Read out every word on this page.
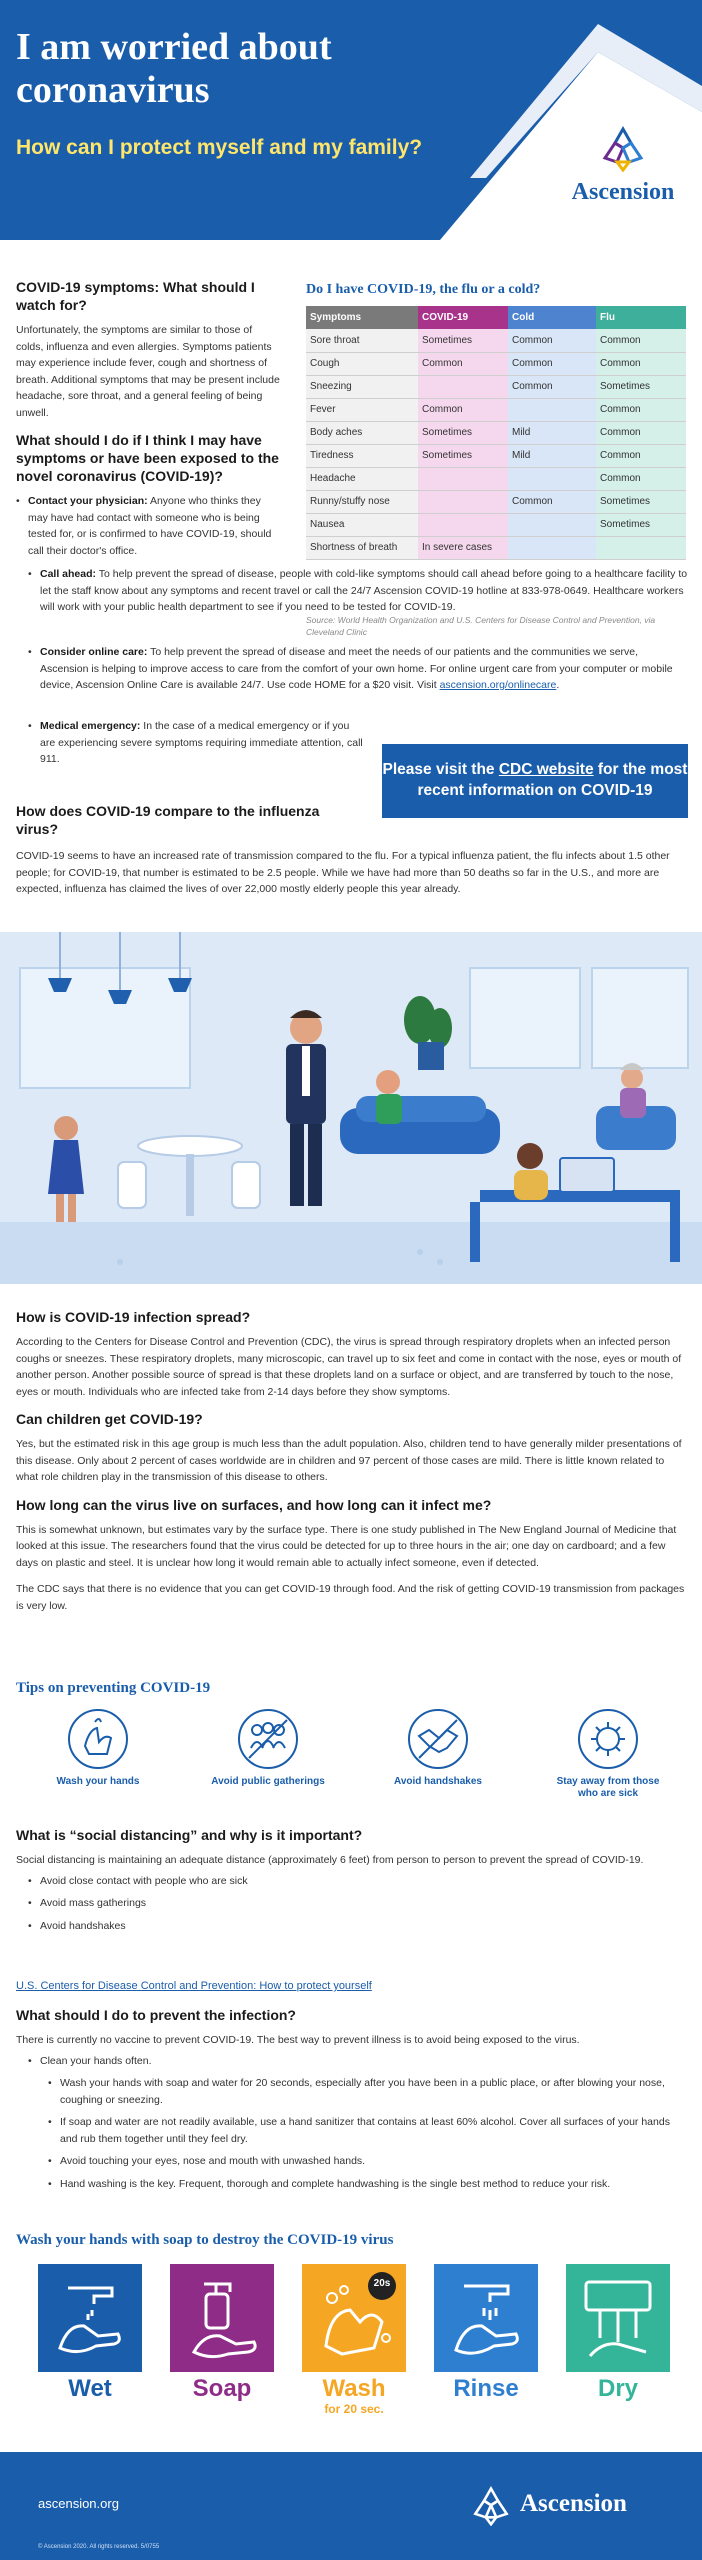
I am worried about coronavirus
How can I protect myself and my family?
Ascension
COVID-19 symptoms: What should I watch for?

Unfortunately, the symptoms are similar to those of colds, influenza and even allergies. Symptoms patients may experience include fever, cough and shortness of breath. Additional symptoms that may be present include headache, sore throat, and a general feeling of being unwell.

What should I do if I think I may have symptoms or have been exposed to the novel coronavirus (COVID-19)?
• Contact your physician: Anyone who thinks they may have had contact with someone who is being tested for, or is confirmed to have COVID-19, should call their doctor's office.
Do I have COVID-19, the flu or a cold?
Symptoms	COVID-19	Cold	Flu
Sore throat	Sometimes	Common	Common
Cough	Common	Common	Common
Sneezing		Common	Sometimes
Fever	Common		Common
Body aches	Sometimes	Mild	Common
Tiredness	Sometimes	Mild	Common
Headache			Common
Runny/stuffy nose		Common	Sometimes
Nausea			Sometimes
Shortness of breath	In severe cases		
Source: World Health Organization and U.S. Centers for Disease Control and Prevention, via Cleveland Clinic
• Call ahead: To help prevent the spread of disease, people with cold-like symptoms should call ahead before going to a healthcare facility to let the staff know about any symptoms and recent travel or call the 24/7 Ascension COVID-19 hotline at 833-978-0649. Healthcare workers will work with your public health department to see if you need to be tested for COVID-19.
• Consider online care: To help prevent the spread of disease and meet the needs of our patients and the communities we serve, Ascension is helping to improve access to care from the comfort of your own home. For online urgent care from your computer or mobile device, Ascension Online Care is available 24/7. Use code HOME for a $20 visit. Visit ascension.org/onlinecare.
• Medical emergency: In the case of a medical emergency or if you are experiencing severe symptoms requiring immediate attention, call 911.
Please visit the CDC website for the most recent information on COVID-19
How does COVID-19 compare to the influenza virus?

COVID-19 seems to have an increased rate of transmission compared to the flu. For a typical influenza patient, the flu infects about 1.5 other people; for COVID-19, that number is estimated to be 2.5 people. While we have had more than 50 deaths so far in the U.S., and more are expected, influenza has claimed the lives of over 22,000 mostly elderly people this year already.

How is COVID-19 infection spread?

According to the Centers for Disease Control and Prevention (CDC), the virus is spread through respiratory droplets when an infected person coughs or sneezes. These respiratory droplets, many microscopic, can travel up to six feet and come in contact with the nose, eyes or mouth of another person. Another possible source of spread is that these droplets land on a surface or object, and are transferred by touch to the nose, eyes or mouth. Individuals who are infected take from 2-14 days before they show symptoms.

Can children get COVID-19?

Yes, but the estimated risk in this age group is much less than the adult population. Also, children tend to have generally milder presentations of this disease. Only about 2 percent of cases worldwide are in children and 97 percent of those cases are mild. There is little known related to what role children play in the transmission of this disease to others.

How long can the virus live on surfaces, and how long can it infect me?

This is somewhat unknown, but estimates vary by the surface type. There is one study published in The New England Journal of Medicine that looked at this issue. The researchers found that the virus could be detected for up to three hours in the air; one day on cardboard; and a few days on plastic and steel. It is unclear how long it would remain able to actually infect someone, even if detected.

The CDC says that there is no evidence that you can get COVID-19 through food. And the risk of getting COVID-19 transmission from packages is very low.

Tips on preventing COVID-19
Wash your hands	Avoid public gatherings	Avoid handshakes	Stay away from those who are sick
What is “social distancing” and why is it important?

Social distancing is maintaining an adequate distance (approximately 6 feet) from person to person to prevent the spread of COVID-19.

• Avoid close contact with people who are sick
• Avoid mass gatherings
• Avoid handshakes
U.S. Centers for Disease Control and Prevention: How to protect yourself
What should I do to prevent the infection?

There is currently no vaccine to prevent COVID-19. The best way to prevent illness is to avoid being exposed to the virus.

• Clean your hands often.
• Wash your hands with soap and water for 20 seconds, especially after you have been in a public place, or after blowing your nose, coughing or sneezing.
• If soap and water are not readily available, use a hand sanitizer that contains at least 60% alcohol. Cover all surfaces of your hands and rub them together until they feel dry.
• Avoid touching your eyes, nose and mouth with unwashed hands.
• Hand washing is the key. Frequent, thorough and complete handwashing is the single best method to reduce your risk.
Wash your hands with soap to destroy the COVID-19 virus
Wet	Soap
20s
Wash
for 20 sec.
Rinse	Dry
ascension.org
© Ascension 2020. All rights reserved. 5/0755
Ascension
